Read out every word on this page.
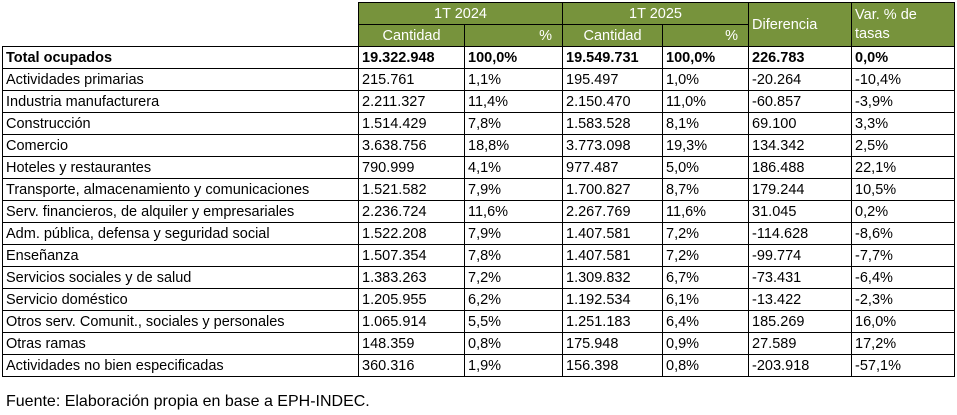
	1T 2024		1T 2025		Diferencia	Var. % de tasas
	Cantidad	%	Cantidad	%		
Total ocupados	19.322.948	100,0%	19.549.731	100,0%	226.783	0,0%
Actividades primarias	215.761	1,1%	195.497	1,0%	-20.264	-10,4%
Industria manufacturera	2.211.327	11,4%	2.150.470	11,0%	-60.857	-3,9%
Construcción	1.514.429	7,8%	1.583.528	8,1%	69.100	3,3%
Comercio	3.638.756	18,8%	3.773.098	19,3%	134.342	2,5%
Hoteles y restaurantes	790.999	4,1%	977.487	5,0%	186.488	22,1%
Transporte, almacenamiento y comunicaciones	1.521.582	7,9%	1.700.827	8,7%	179.244	10,5%
Serv. financieros, de alquiler y empresariales	2.236.724	11,6%	2.267.769	11,6%	31.045	0,2%
Adm. pública, defensa y seguridad social	1.522.208	7,9%	1.407.581	7,2%	-114.628	-8,6%
Enseñanza	1.507.354	7,8%	1.407.581	7,2%	-99.774	-7,7%
Servicios sociales y de salud	1.383.263	7,2%	1.309.832	6,7%	-73.431	-6,4%
Servicio doméstico	1.205.955	6,2%	1.192.534	6,1%	-13.422	-2,3%
Otros serv. Comunit., sociales y personales	1.065.914	5,5%	1.251.183	6,4%	185.269	16,0%
Otras ramas	148.359	0,8%	175.948	0,9%	27.589	17,2%
Actividades no bien especificadas	360.316	1,9%	156.398	0,8%	-203.918	-57,1%
Fuente: Elaboración propia en base a EPH-INDEC.
